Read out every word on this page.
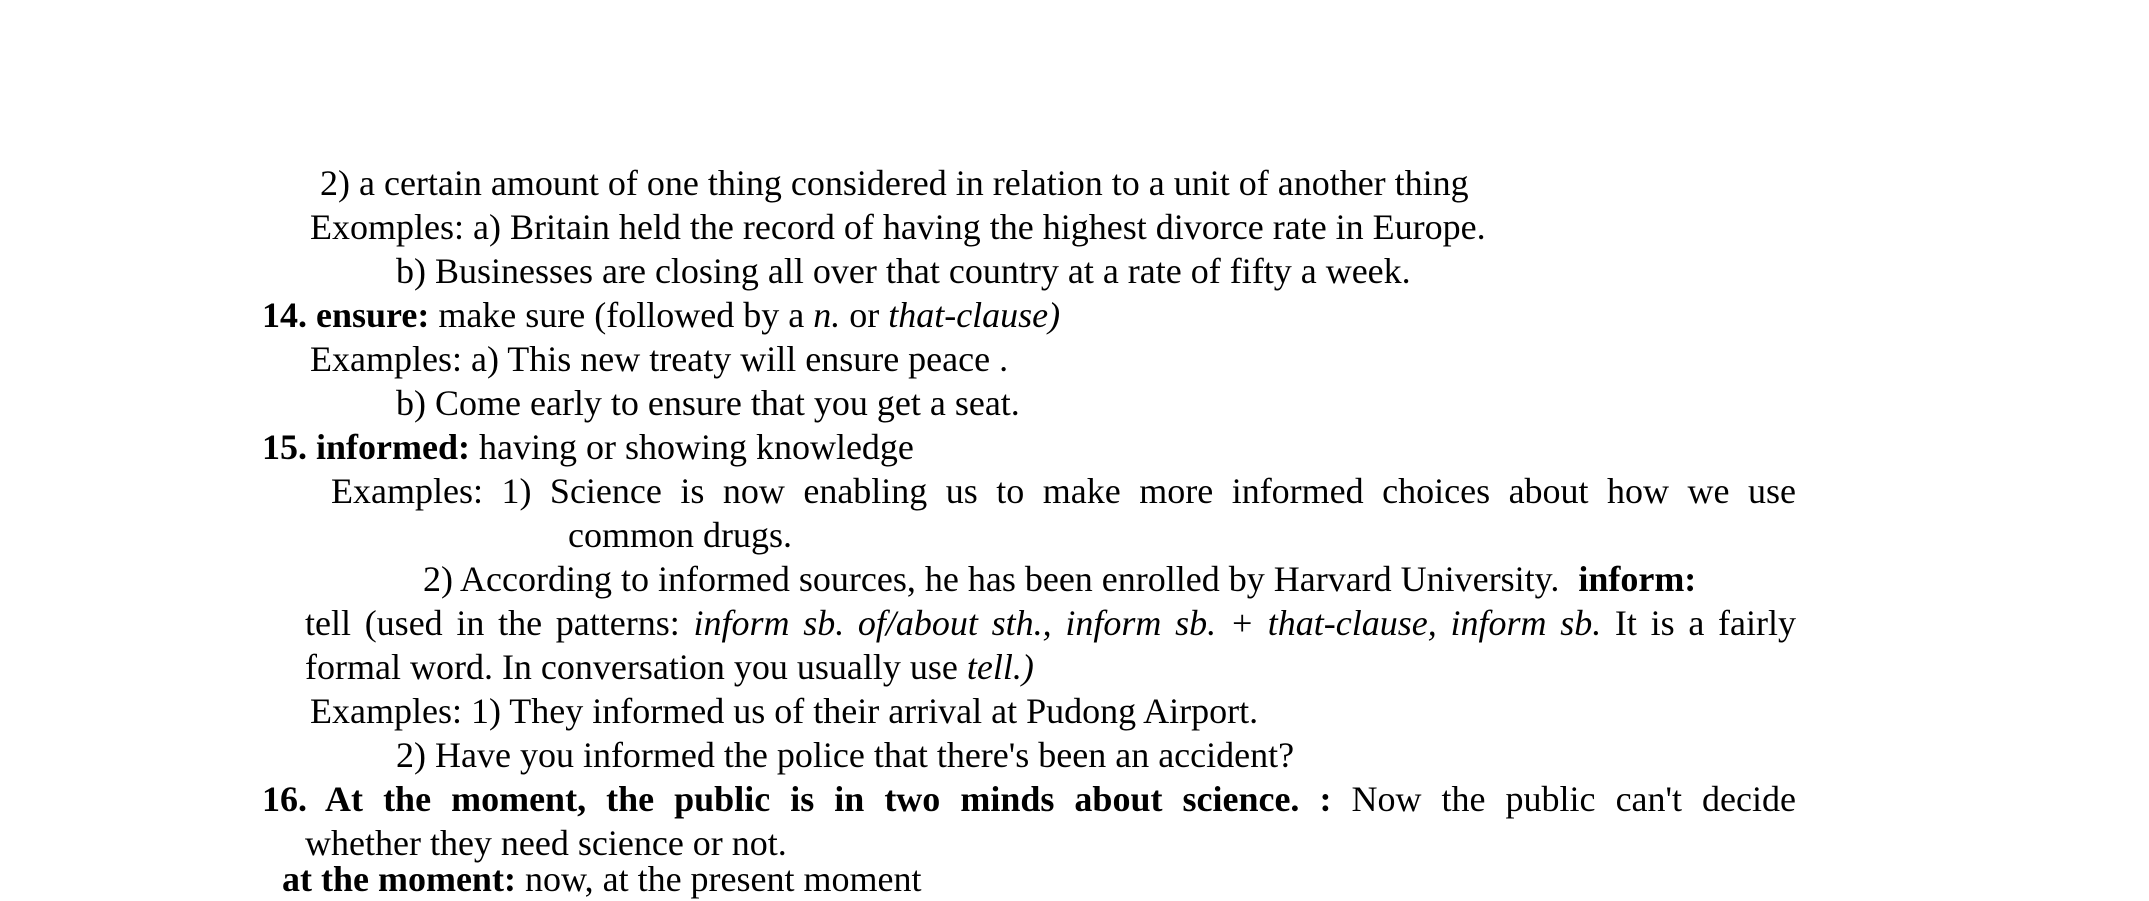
2) a certain amount of one thing considered in relation to a unit of another thing
Exomples: a) Britain held the record of having the highest divorce rate in Europe.
b) Businesses are closing all over that country at a rate of fifty a week.
14. ensure: make sure (followed by a n. or that-clause)
Examples: a) This new treaty will ensure peace .
b) Come early to ensure that you get a seat.
15. informed: having or showing knowledge
Examples: 1) Science is now enabling us to make more informed choices about how we use
common drugs.
2) According to informed sources, he has been enrolled by Harvard University. inform:
tell (used in the patterns: inform sb. of/about sth., inform sb. + that-clause, inform sb. It is a fairly
formal word. In conversation you usually use tell.)
Examples: 1) They informed us of their arrival at Pudong Airport.
2) Have you informed the police that there's been an accident?
16. At the moment, the public is in two minds about science. : Now the public can't decide
whether they need science or not.
at the moment: now, at the present moment
